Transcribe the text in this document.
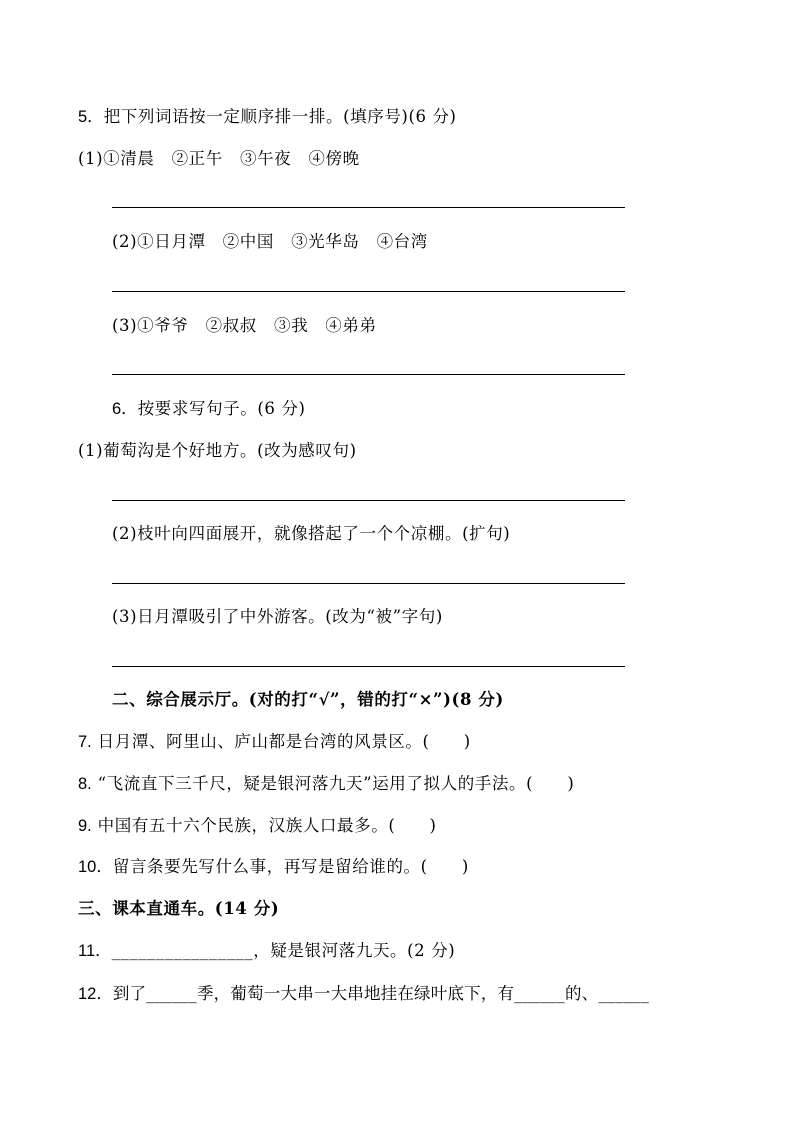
5．把下列词语按一定顺序排一排。(填序号)(6 分)
(1)①清晨　②正午　③午夜　④傍晚
(2)①日月潭　②中国　③光华岛　④台湾
(3)①爷爷　②叔叔　③我　④弟弟
6．按要求写句子。(6 分)
(1)葡萄沟是个好地方。(改为感叹句)
(2)枝叶向四面展开，就像搭起了一个个凉棚。(扩句)
(3)日月潭吸引了中外游客。(改为“被”字句)
二、综合展示厅。(对的打“√”，错的打“×”)(8 分)
7. 日月潭、阿里山、庐山都是台湾的风景区。(　　)
8. “飞流直下三千尺，疑是银河落九天”运用了拟人的手法。(　　)
9. 中国有五十六个民族，汉族人口最多。(　　)
10．留言条要先写什么事，再写是留给谁的。(　　)
三、课本直通车。(14 分)
11．________________，疑是银河落九天。(2 分)
12．到了______季，葡萄一大串一大串地挂在绿叶底下，有______的、______
